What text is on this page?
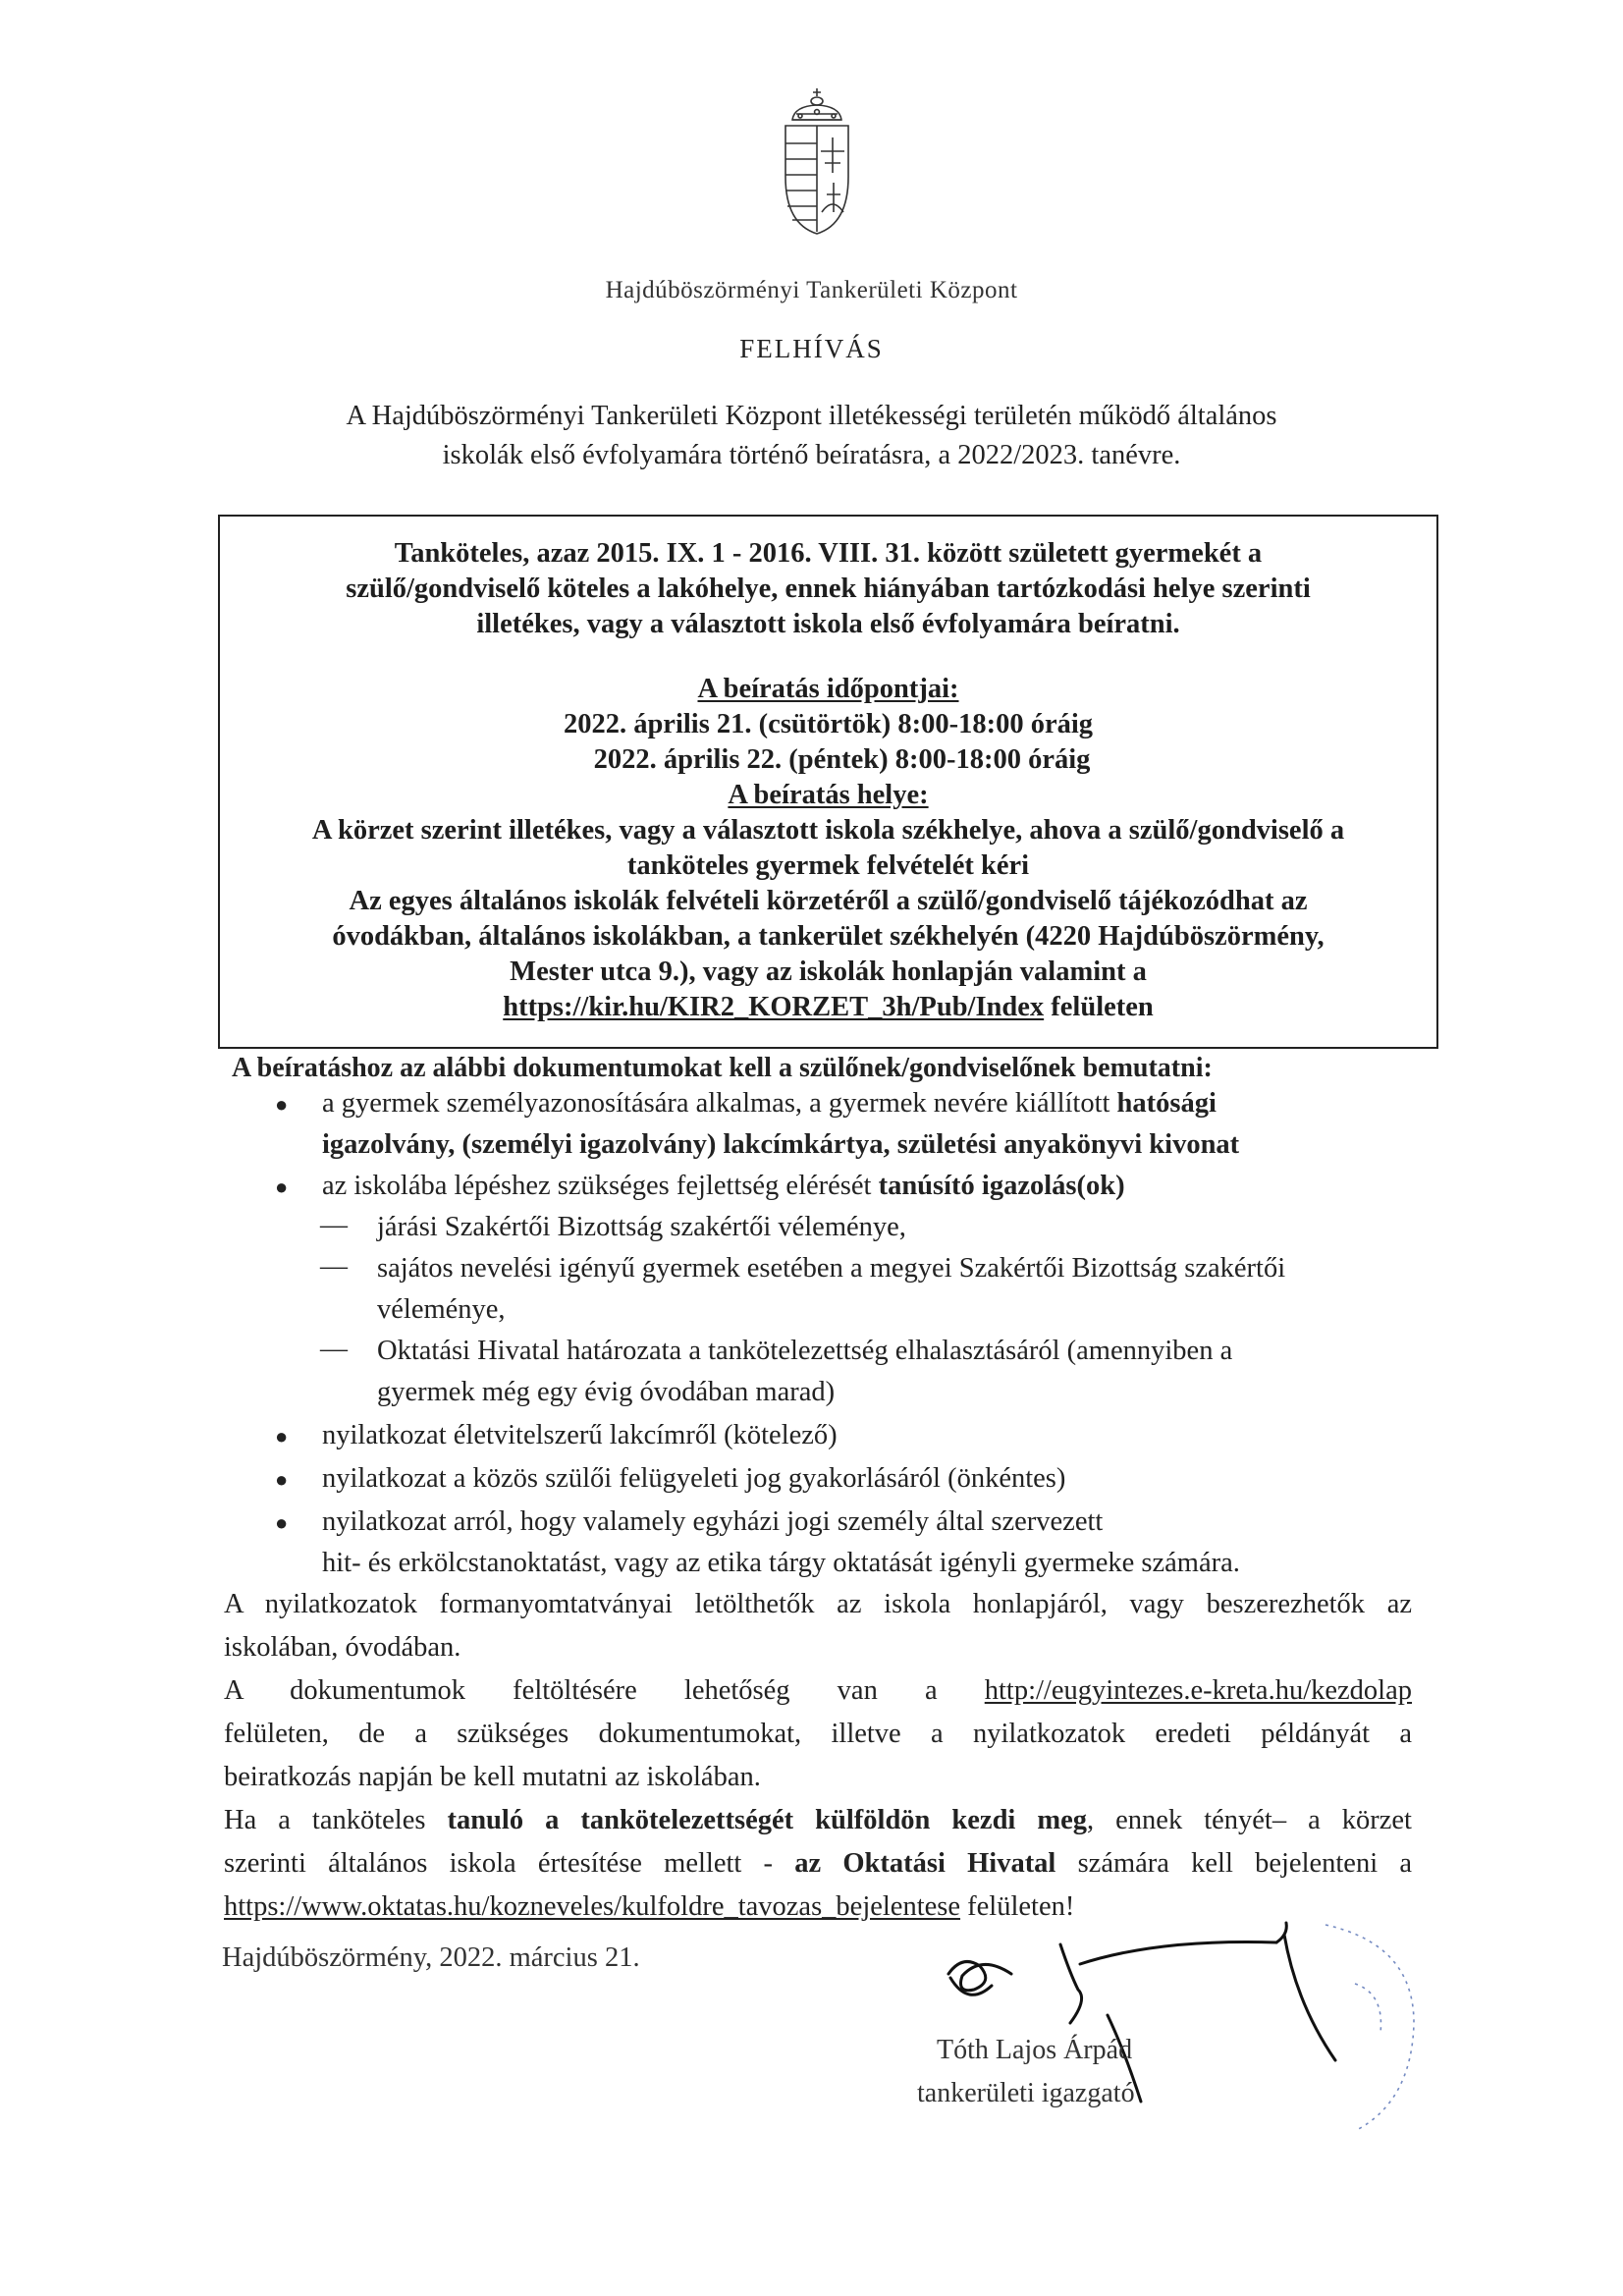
Hajdúböszörményi Tankerületi Központ
FELHÍVÁS
A Hajdúböszörményi Tankerületi Központ illetékességi területén működő általános
iskolák első évfolyamára történő beíratásra, a 2022/2023. tanévre.
Tanköteles, azaz 2015. IX. 1 - 2016. VIII. 31. között született gyermekét a
szülő/gondviselő köteles a lakóhelye, ennek hiányában tartózkodási helye szerinti
illetékes, vagy a választott iskola első évfolyamára beíratni.
A beíratás időpontjai:
2022. április 21. (csütörtök) 8:00-18:00 óráig
2022. április 22. (péntek) 8:00-18:00 óráig
A beíratás helye:
A körzet szerint illetékes, vagy a választott iskola székhelye, ahova a szülő/gondviselő a
tanköteles gyermek felvételét kéri
Az egyes általános iskolák felvételi körzetéről a szülő/gondviselő tájékozódhat az
óvodákban, általános iskolákban, a tankerület székhelyén (4220 Hajdúböszörmény,
Mester utca 9.), vagy az iskolák honlapján valamint a
https://kir.hu/KIR2_KORZET_3h/Pub/Index felületen
A beíratáshoz az alábbi dokumentumokat kell a szülőnek/gondviselőnek bemutatni:
● a gyermek személyazonosítására alkalmas, a gyermek nevére kiállított hatósági
igazolvány, (személyi igazolvány) lakcímkártya, születési anyakönyvi kivonat
● az iskolába lépéshez szükséges fejlettség elérését tanúsító igazolás(ok)
— járási Szakértői Bizottság szakértői véleménye,
— sajátos nevelési igényű gyermek esetében a megyei Szakértői Bizottság szakértői
véleménye,
— Oktatási Hivatal határozata a tankötelezettség elhalasztásáról (amennyiben a
gyermek még egy évig óvodában marad)
● nyilatkozat életvitelszerű lakcímről (kötelező)
● nyilatkozat a közös szülői felügyeleti jog gyakorlásáról (önkéntes)
● nyilatkozat arról, hogy valamely egyházi jogi személy által szervezett
hit- és erkölcstanoktatást, vagy az etika tárgy oktatását igényli gyermeke számára.
A nyilatkozatok formanyomtatványai letölthetők az iskola honlapjáról, vagy beszerezhetők az
iskolában, óvodában.
A dokumentumok feltöltésére lehetőség van a http://eugyintezes.e-kreta.hu/kezdolap
felületen, de a szükséges dokumentumokat, illetve a nyilatkozatok eredeti példányát a
beiratkozás napján be kell mutatni az iskolában.
Ha a tanköteles tanuló a tankötelezettségét külföldön kezdi meg, ennek tényét– a körzet
szerinti általános iskola értesítése mellett - az Oktatási Hivatal számára kell bejelenteni a
https://www.oktatas.hu/kozneveles/kulfoldre_tavozas_bejelentese felületen!
Hajdúböszörmény, 2022. március 21.
Tóth Lajos Árpád
tankerületi igazgató
